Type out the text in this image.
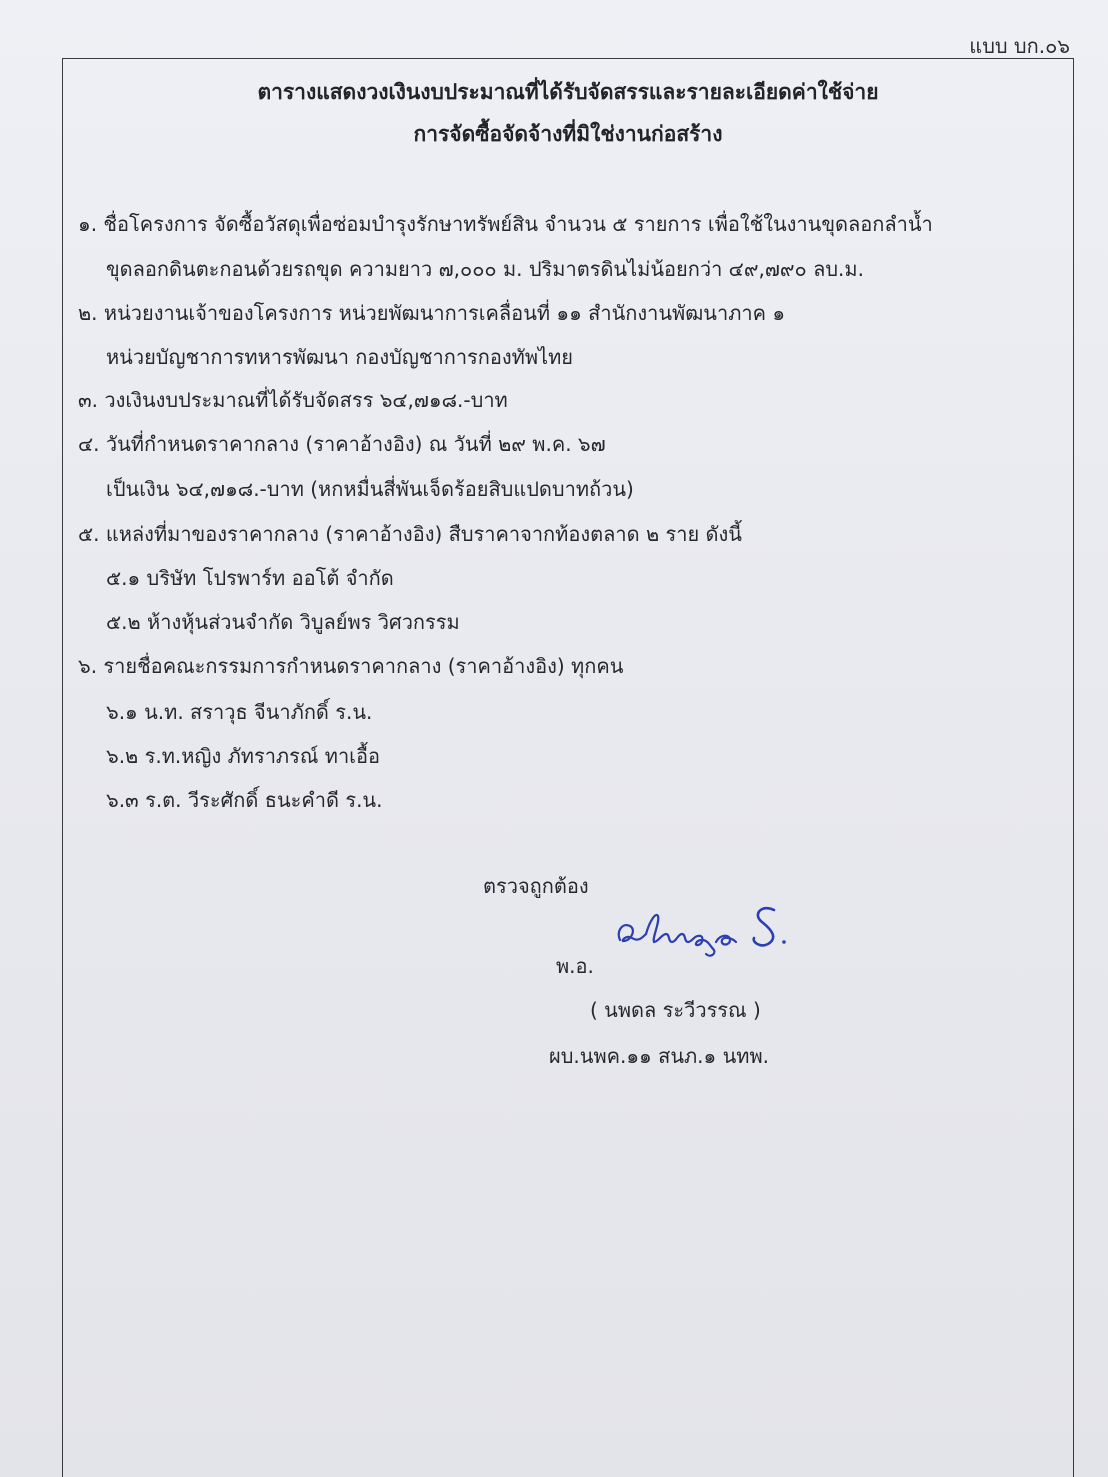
แบบ บก.๐๖
ตารางแสดงวงเงินงบประมาณที่ได้รับจัดสรรและรายละเอียดค่าใช้จ่าย
การจัดซื้อจัดจ้างที่มิใช่งานก่อสร้าง
๑. ชื่อโครงการ จัดซื้อวัสดุเพื่อซ่อมบำรุงรักษาทรัพย์สิน จำนวน ๕ รายการ เพื่อใช้ในงานขุดลอกลำน้ำ
ขุดลอกดินตะกอนด้วยรถขุด ความยาว ๗,๐๐๐ ม. ปริมาตรดินไม่น้อยกว่า ๔๙,๗๙๐ ลบ.ม.
๒. หน่วยงานเจ้าของโครงการ หน่วยพัฒนาการเคลื่อนที่ ๑๑ สำนักงานพัฒนาภาค ๑
หน่วยบัญชาการทหารพัฒนา กองบัญชาการกองทัพไทย
๓. วงเงินงบประมาณที่ได้รับจัดสรร ๖๔,๗๑๘.-บาท
๔. วันที่กำหนดราคากลาง (ราคาอ้างอิง) ณ วันที่ ๒๙ พ.ค. ๖๗
เป็นเงิน ๖๔,๗๑๘.-บาท (หกหมื่นสี่พันเจ็ดร้อยสิบแปดบาทถ้วน)
๕. แหล่งที่มาของราคากลาง (ราคาอ้างอิง) สืบราคาจากท้องตลาด ๒ ราย ดังนี้
๕.๑ บริษัท โปรพาร์ท ออโต้ จำกัด
๕.๒ ห้างหุ้นส่วนจำกัด วิบูลย์พร วิศวกรรม
๖. รายชื่อคณะกรรมการกำหนดราคากลาง (ราคาอ้างอิง) ทุกคน
๖.๑ น.ท. สราวุธ จีนาภักดิ์ ร.น.
๖.๒ ร.ท.หญิง ภัทราภรณ์ ทาเอื้อ
๖.๓ ร.ต. วีระศักดิ์ ธนะคำดี ร.น.
ตรวจถูกต้อง
พ.อ.
( นพดล ระวีวรรณ )
ผบ.นพค.๑๑ สนภ.๑ นทพ.
